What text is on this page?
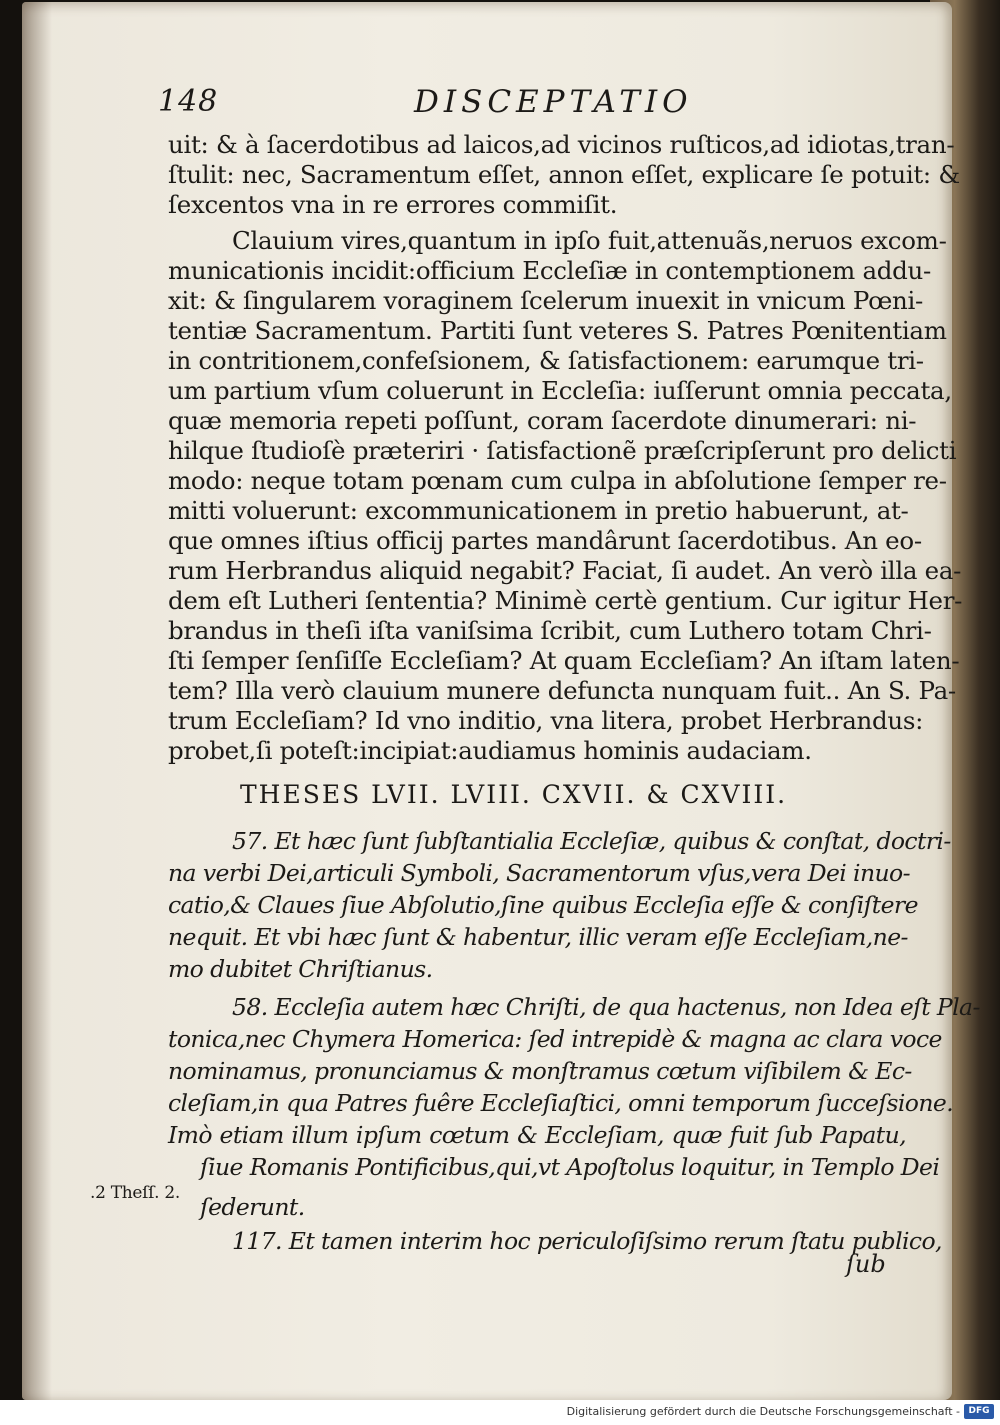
148	DISCEPTATIO
uit: & à ſacerdotibus ad laicos,ad vicinos ruſticos,ad idiotas,tran-
ſtulit: nec, Sacramentum eſſet, annon eſſet, explicare ſe potuit: &
ſexcentos vna in re errores commiſit.
Clauium vires,quantum in ipſo fuit,attenuãs,neruos excom-
municationis incidit:officium Eccleſiæ in contemptionem addu-
xit: & ſingularem voraginem ſcelerum inuexit in vnicum Pœni-
tentiæ Sacramentum. Partiti ſunt veteres S. Patres Pœnitentiam
in contritionem,confeſsionem, & ſatisfactionem: earumque tri-
um partium vſum coluerunt in Eccleſia: iuſſerunt omnia peccata,
quæ memoria repeti poſſunt, coram ſacerdote dinumerari: ni-
hilque ſtudioſè præteriri · ſatisfactionẽ præſcripſerunt pro delicti
modo: neque totam pœnam cum culpa in abſolutione ſemper re-
mitti voluerunt: excommunicationem in pretio habuerunt, at-
que omnes iſtius officij partes mandârunt ſacerdotibus. An eo-
rum Herbrandus aliquid negabit? Faciat, ſi audet. An verò illa ea-
dem eſt Lutheri ſententia? Minimè certè gentium. Cur igitur Her-
brandus in theſi iſta vaniſsima ſcribit, cum Luthero totam Chri-
ſti ſemper ſenſiſſe Eccleſiam? At quam Eccleſiam? An iſtam laten-
tem? Illa verò clauium munere defuncta nunquam fuit.. An S. Pa-
trum Eccleſiam? Id vno inditio, vna litera, probet Herbrandus:
probet,ſi poteſt:incipiat:audiamus hominis audaciam.
THESES LVII. LVIII. CXVII. & CXVIII.
57. Et hæc ſunt ſubſtantialia Eccleſiæ, quibus & conſtat, doctri-
na verbi Dei,articuli Symboli, Sacramentorum vſus,vera Dei inuo-
catio,& Claues ſiue Abſolutio,ſine quibus Eccleſia eſſe & conſiſtere
nequit. Et vbi hæc ſunt & habentur, illic veram eſſe Eccleſiam,ne-
mo dubitet Chriſtianus.
58. Eccleſia autem hæc Chriſti, de qua hactenus, non Idea eſt Pla-
tonica,nec Chymera Homerica: ſed intrepidè & magna ac clara voce
nominamus, pronunciamus & monſtramus cœtum viſibilem & Ec-
cleſiam,in qua Patres fuêre Eccleſiaſtici, omni temporum ſucceſsione.
Imò etiam illum ipſum cœtum & Eccleſiam, quæ fuit ſub Papatu,
ſiue Romanis Pontificibus,qui,vt Apoſtolus loquitur, in Templo Dei
ſederunt.
117. Et tamen interim hoc periculoſiſsimo rerum ſtatu publico,
.2 Theſſ. 2.
ſub
Digitalisierung gefördert durch die Deutsche Forschungsgemeinschaft - DFG
